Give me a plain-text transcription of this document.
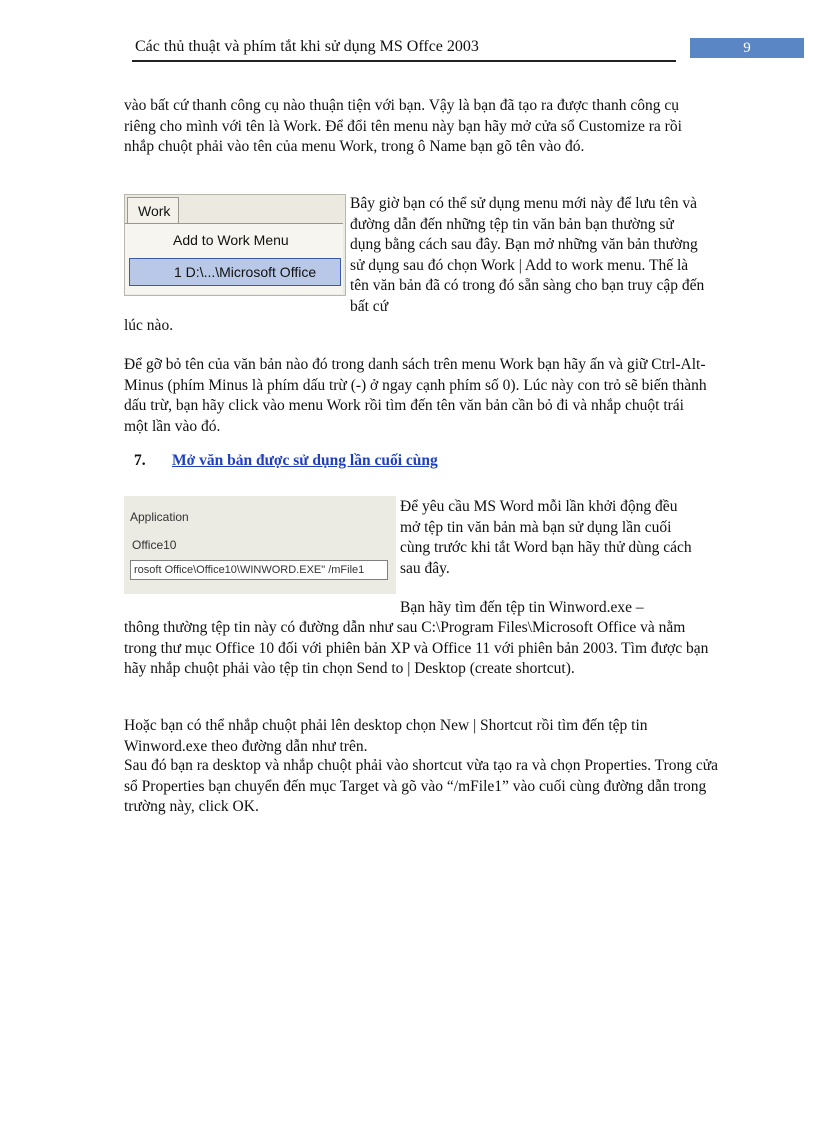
Các thủ thuật và phím tắt khi sử dụng MS Offce 2003	9

vào bất cứ thanh công cụ nào thuận tiện với bạn. Vậy là bạn đã tạo ra được thanh công cụ riêng cho mình với tên là Work. Để đổi tên menu này bạn hãy mở cửa sổ Customize ra rồi nhắp chuột phải vào tên của menu Work, trong ô Name bạn gõ tên vào đó.

Work
Add to Work Menu
1 D:\...\Microsoft Office

Bây giờ bạn có thể sử dụng menu mới này để lưu tên và đường dẫn đến những tệp tin văn bản bạn thường sử dụng bằng cách sau đây. Bạn mở những văn bản thường sử dụng sau đó chọn Work | Add to work menu. Thế là tên văn bản đã có trong đó sẵn sàng cho bạn truy cập đến bất cứ

lúc nào.

Để gỡ bỏ tên của văn bản nào đó trong danh sách trên menu Work bạn hãy ấn và giữ Ctrl-Alt-Minus (phím Minus là phím dấu trừ (-) ở ngay cạnh phím số 0). Lúc này con trỏ sẽ biến thành dấu trừ, bạn hãy click vào menu Work rồi tìm đến tên văn bản cần bỏ đi và nhắp chuột trái một lần vào đó.

7. Mở văn bản được sử dụng lần cuối cùng
Application
Office10
rosoft Office\Office10\WINWORD.EXE" /mFile1

Để yêu cầu MS Word mỗi lần khởi động đều mở tệp tin văn bản mà bạn sử dụng lần cuối cùng trước khi tắt Word bạn hãy thử dùng cách sau đây.

Bạn hãy tìm đến tệp tin Winword.exe –

thông thường tệp tin này có đường dẫn như sau C:\Program Files\Microsoft Office và nằm trong thư mục Office 10 đối với phiên bản XP và Office 11 với phiên bản 2003. Tìm được bạn hãy nhắp chuột phải vào tệp tin chọn Send to | Desktop (create shortcut).

Hoặc bạn có thể nhắp chuột phải lên desktop chọn New | Shortcut rồi tìm đến tệp tin Winword.exe theo đường dẫn như trên.

Sau đó bạn ra desktop và nhắp chuột phải vào shortcut vừa tạo ra và chọn Properties. Trong cửa sổ Properties bạn chuyển đến mục Target và gõ vào “/mFile1” vào cuối cùng đường dẫn trong trường này, click OK.
